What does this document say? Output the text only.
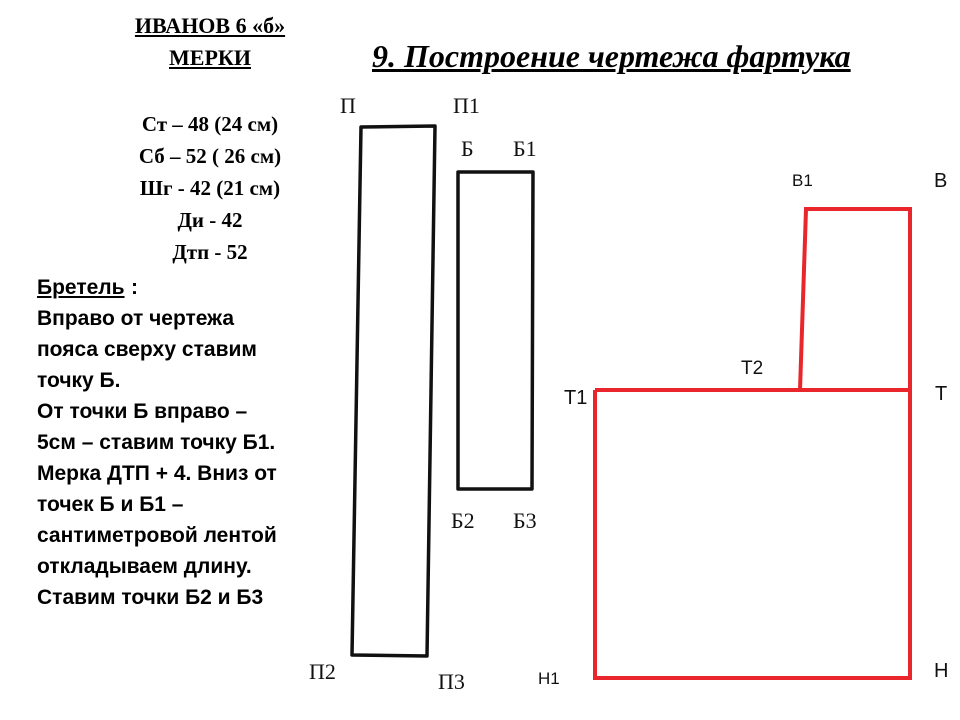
ИВАНОВ 6 «б»
МЕРКИ
Ст – 48 (24 см)
Сб – 52 ( 26 см)
Шг - 42 (21 см)
Ди - 42
Дтп - 52
9. Построение чертежа фартука
Бретель :
Вправо от чертежа
пояса сверху ставим
точку Б.
От точки Б вправо –
5см – ставим точку Б1.
Мерка ДТП + 4. Вниз от
точек Б и Б1 –
сантиметровой лентой
откладываем длину.
Ставим точки Б2 и Б3
П	П1
П2	П3
Б Б1
Б2 Б3
В1	В
Т2
Т1	Т
Н1	Н
